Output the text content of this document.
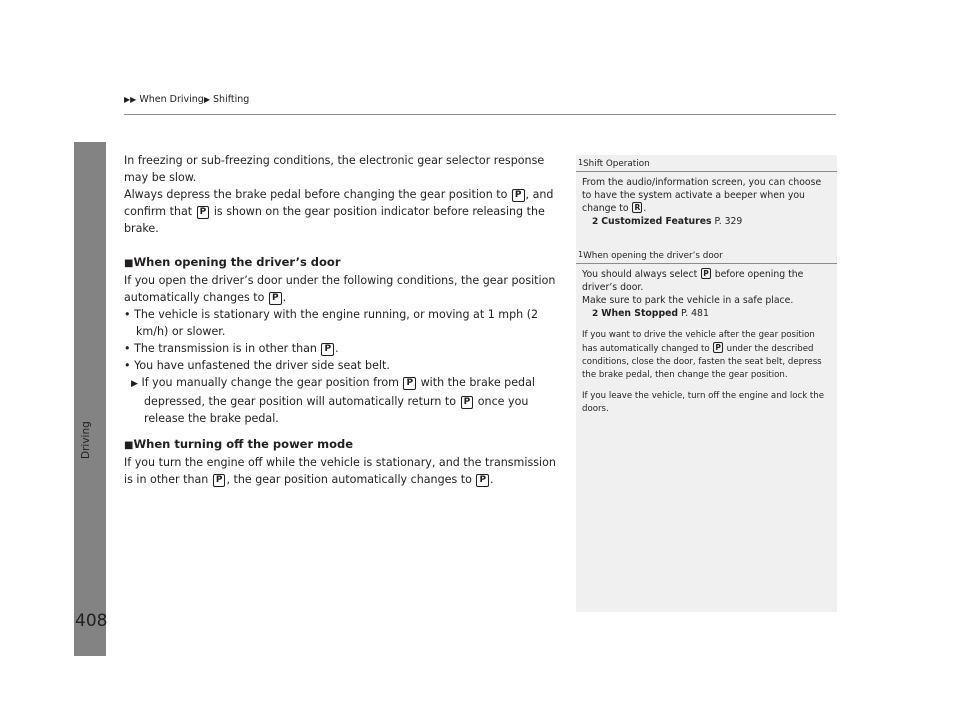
▶▶ When Driving▶ Shifting
Driving
408

In freezing or sub-freezing conditions, the electronic gear selector response may be slow.

Always depress the brake pedal before changing the gear position to P , and confirm that P is shown on the gear position indicator before releasing the brake.

■When opening the driver’s door

If you open the driver’s door under the following conditions, the gear position automatically changes to P .

• The vehicle is stationary with the engine running, or moving at 1 mph (2 km/h) or slower.

• The transmission is in other than P .

• You have unfastened the driver side seat belt.

▶ If you manually change the gear position from P with the brake pedal depressed, the gear position will automatically return to P once you release the brake pedal.

■When turning off the power mode

If you turn the engine off while the vehicle is stationary, and the transmission is in other than P , the gear position automatically changes to P .

1Shift Operation

From the audio/information screen, you can choose to have the system activate a beeper when you change to R .

2 Customized Features P. 329

1When opening the driver’s door

You should always select P before opening the driver’s door.

Make sure to park the vehicle in a safe place.

2 When Stopped P. 481

If you want to drive the vehicle after the gear position has automatically changed to P under the described conditions, close the door, fasten the seat belt, depress the brake pedal, then change the gear position.

If you leave the vehicle, turn off the engine and lock the doors.
